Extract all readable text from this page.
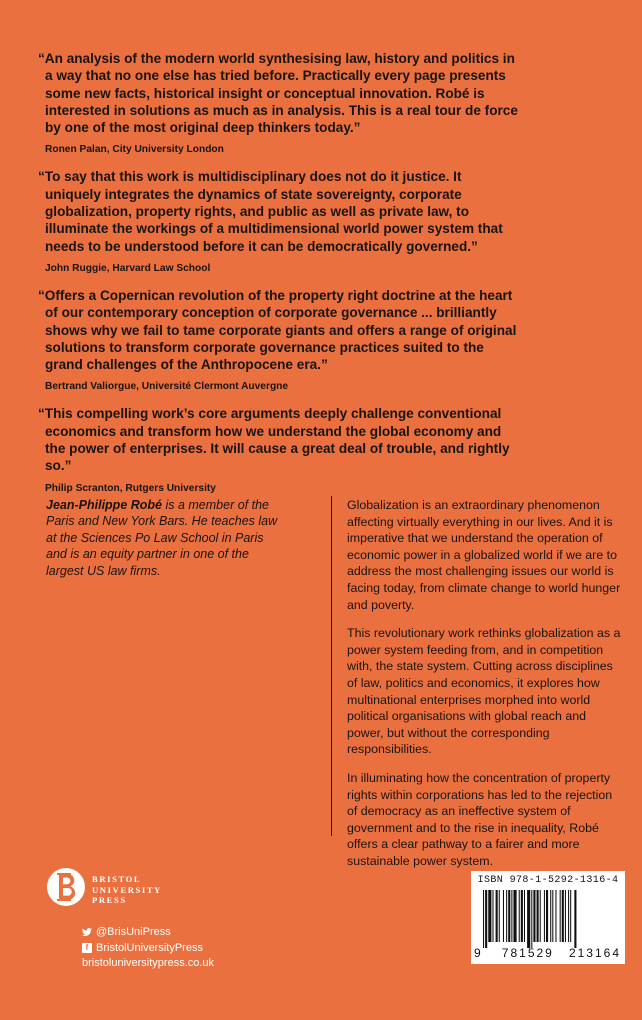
“An analysis of the modern world synthesising law, history and politics in a way that no one else has tried before. Practically every page presents some new facts, historical insight or conceptual innovation. Robé is interested in solutions as much as in analysis. This is a real tour de force by one of the most original deep thinkers today.”

Ronen Palan, City University London

“To say that this work is multidisciplinary does not do it justice. It uniquely integrates the dynamics of state sovereignty, corporate globalization, property rights, and public as well as private law, to illuminate the workings of a multidimensional world power system that needs to be understood before it can be democratically governed.”

John Ruggie, Harvard Law School

“Offers a Copernican revolution of the property right doctrine at the heart of our contemporary conception of corporate governance ... brilliantly shows why we fail to tame corporate giants and offers a range of original solutions to transform corporate governance practices suited to the grand challenges of the Anthropocene era.”

Bertrand Valiorgue, Université Clermont Auvergne

“This compelling work’s core arguments deeply challenge conventional economics and transform how we understand the global economy and the power of enterprises. It will cause a great deal of trouble, and rightly so.”

Philip Scranton, Rutgers University

Jean-Philippe Robé is a member of the Paris and New York Bars. He teaches law at the Sciences Po Law School in Paris and is an equity partner in one of the largest US law firms.

Globalization is an extraordinary phenomenon affecting virtually everything in our lives. And it is imperative that we understand the operation of economic power in a globalized world if we are to address the most challenging issues our world is facing today, from climate change to world hunger and poverty.

This revolutionary work rethinks globalization as a power system feeding from, and in competition with, the state system. Cutting across disciplines of law, politics and economics, it explores how multinational enterprises morphed into world political organisations with global reach and power, but without the corresponding responsibilities.

In illuminating how the concentration of property rights within corporations has led to the rejection of democracy as an ineffective system of government and to the rise in inequality, Robé offers a clear pathway to a fairer and more sustainable power system.

BRISTOL
UNIVERSITY
PRESS
@BrisUniPress
f BristolUniversityPress
bristoluniversitypress.co.uk
ISBN 978-1-5292-1316-4
9 781529 213164
